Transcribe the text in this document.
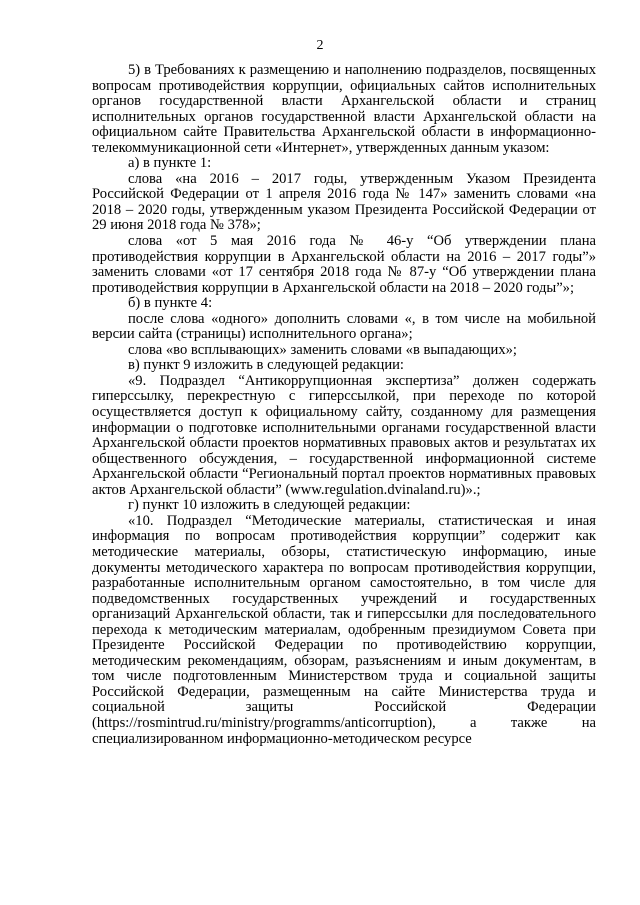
2

5) в Требованиях к размещению и наполнению подразделов, посвященных вопросам противодействия коррупции, официальных сайтов исполнительных органов государственной власти Архангельской области и страниц исполнительных органов государственной власти Архангельской области на официальном сайте Правительства Архангельской области в информационно-телекоммуникационной сети «Интернет», утвержденных данным указом:

а) в пункте 1:

слова «на 2016 – 2017 годы, утвержденным Указом Президента Российской Федерации от 1 апреля 2016 года № 147» заменить словами «на 2018 – 2020 годы, утвержденным указом Президента Российской Федерации от 29 июня 2018 года № 378»;

слова «от 5 мая 2016 года № 46-у “Об утверждении плана противодействия коррупции в Архангельской области на 2016 – 2017 годы”» заменить словами «от 17 сентября 2018 года № 87-у “Об утверждении плана противодействия коррупции в Архангельской области на 2018 – 2020 годы”»;

б) в пункте 4:

после слова «одного» дополнить словами «, в том числе на мобильной версии сайта (страницы) исполнительного органа»;

слова «во всплывающих» заменить словами «в выпадающих»;

в) пункт 9 изложить в следующей редакции:

«9. Подраздел “Антикоррупционная экспертиза” должен содержать гиперссылку, перекрестную с гиперссылкой, при переходе по которой осуществляется доступ к официальному сайту, созданному для размещения информации о подготовке исполнительными органами государственной власти Архангельской области проектов нормативных правовых актов и результатах их общественного обсуждения, – государственной информационной системе Архангельской области “Региональный портал проектов нормативных правовых актов Архангельской области” (www.regulation.dvinaland.ru)».;

г) пункт 10 изложить в следующей редакции:

«10. Подраздел “Методические материалы, статистическая и иная информация по вопросам противодействия коррупции” содержит как методические материалы, обзоры, статистическую информацию, иные документы методического характера по вопросам противодействия коррупции, разработанные исполнительным органом самостоятельно, в том числе для подведомственных государственных учреждений и государственных организаций Архангельской области, так и гиперссылки для последовательного перехода к методическим материалам, одобренным президиумом Совета при Президенте Российской Федерации по противодействию коррупции, методическим рекомендациям, обзорам, разъяснениям и иным документам, в том числе подготовленным Министерством труда и социальной защиты Российской Федерации, размещенным на сайте Министерства труда и социальной защиты Российской Федерации (https://rosmintrud.ru/ministry/programms/anticorruption), а также на специализированном информационно-методическом ресурсе
